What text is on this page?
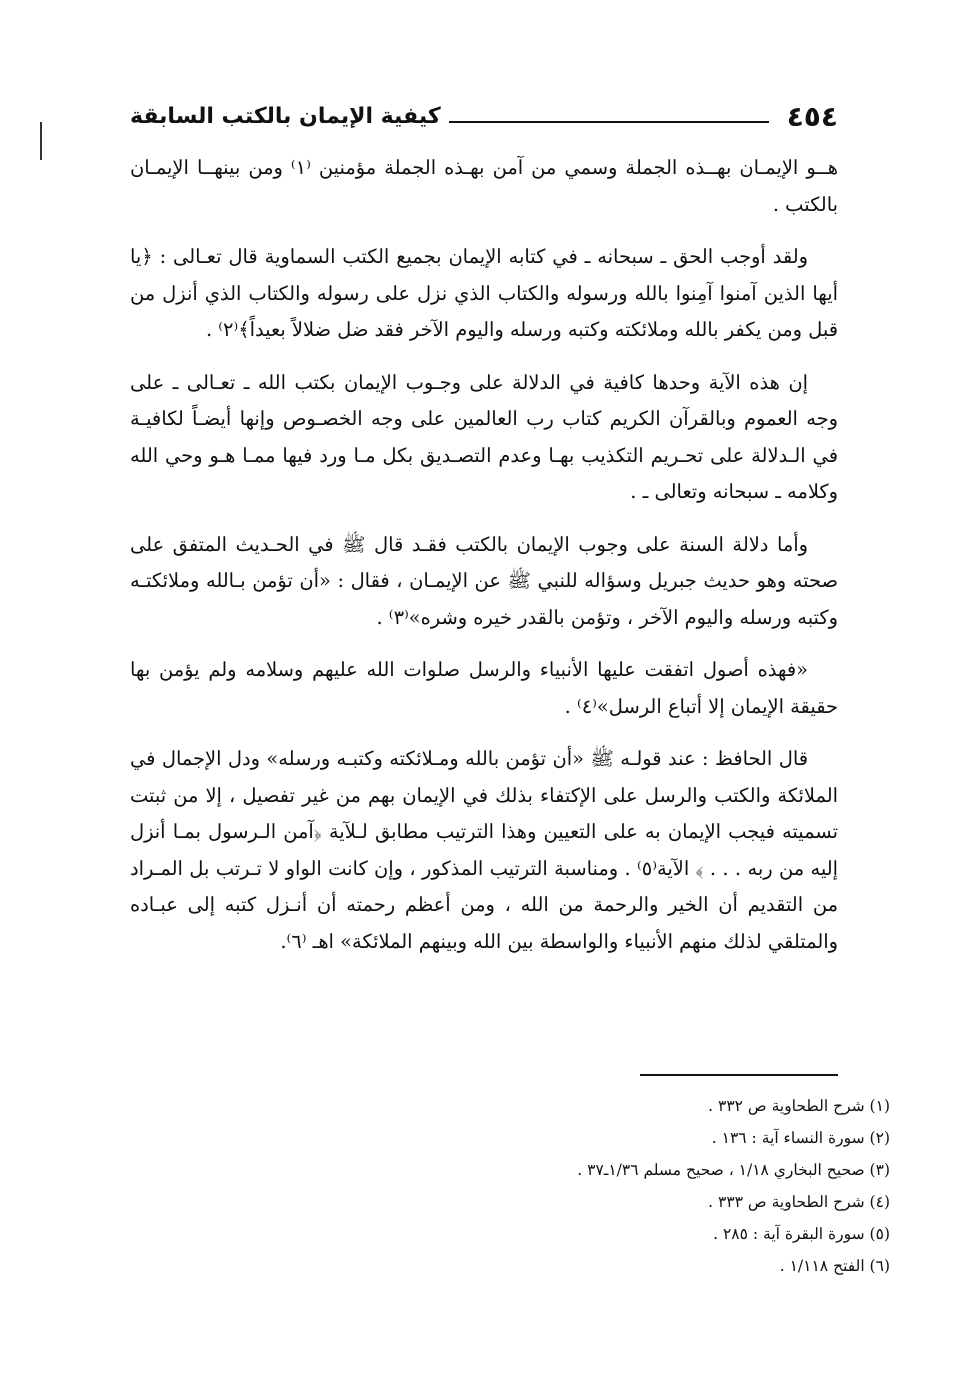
٤٥٤
كيفية الإيمان بالكتب السابقة

هــو الإيمـان بهــذه الجملة وسمي من آمن بهـذه الجملة مؤمنين ⁽١⁾ ومن بينهــا الإيمـان بالكتب .

ولقد أوجب الحق ـ سبحانه ـ في كتابه الإيمان بجميع الكتب السماوية قال تعـالى : ﴿يا أيها الذين آمنوا آمِنوا بالله ورسوله والكتاب الذي نزل على رسوله والكتاب الذي أنزل من قبل ومن يكفر بالله وملائكته وكتبه ورسله واليوم الآخر فقد ضل ضلالاً بعيداً﴾⁽٢⁾ .

إن هذه الآية وحدها كافية في الدلالة على وجـوب الإيمان بكتب الله ـ تعـالى ـ على وجه العموم وبالقرآن الكريم كتاب رب العالمين على وجه الخصـوص وإنها أيضـاً لكافيـة في الـدلالة على تحـريم التكذيب بهـا وعدم التصـديق بكل مـا ورد فيها ممـا هـو وحي الله وكلامه ـ سبحانه وتعالى ـ .

وأما دلالة السنة على وجوب الإيمان بالكتب فقـد قال ﷺ في الحـديث المتفق على صحته وهو حديث جبريل وسؤاله للنبي ﷺ عن الإيمـان ، فقال : «أن تؤمن بـالله وملائكتـه وكتبه ورسله واليوم الآخر ، وتؤمن بالقدر خيره وشره»⁽٣⁾ .

«فهذه أصول اتفقت عليها الأنبياء والرسل صلوات الله عليهم وسلامه ولم يؤمن بها حقيقة الإيمان إلا أتباع الرسل»⁽٤⁾ .

قال الحافظ : عند قولـه ﷺ «أن تؤمن بالله ومـلائكته وكتبـه ورسله» ودل الإجمال في الملائكة والكتب والرسل على الإكتفاء بذلك في الإيمان بهم من غير تفصيل ، إلا من ثبتت تسميته فيجب الإيمان به على التعيين وهذا الترتيب مطابق لـلآية ﴿آمن الـرسول بمـا أنزل إليه من ربه . . . ﴾ الآية⁽٥⁾ . ومناسبة الترتيب المذكور ، وإن كانت الواو لا تـرتب بل المـراد من التقديم أن الخير والرحمة من الله ، ومن أعظم رحمته أن أنـزل كتبه إلى عبـاده والمتلقي لذلك منهم الأنبياء والواسطة بين الله وبينهم الملائكة» اهـ ⁽٦⁾.

(١) شرح الطحاوية ص ٣٣٢ .
(٢) سورة النساء آية : ١٣٦ .
(٣) صحيح البخاري ١/١٨ ، صحيح مسلم ١/٣٦ـ٣٧ .
(٤) شرح الطحاوية ص ٣٣٣ .
(٥) سورة البقرة آية : ٢٨٥ .
(٦) الفتح ١/١١٨ .
